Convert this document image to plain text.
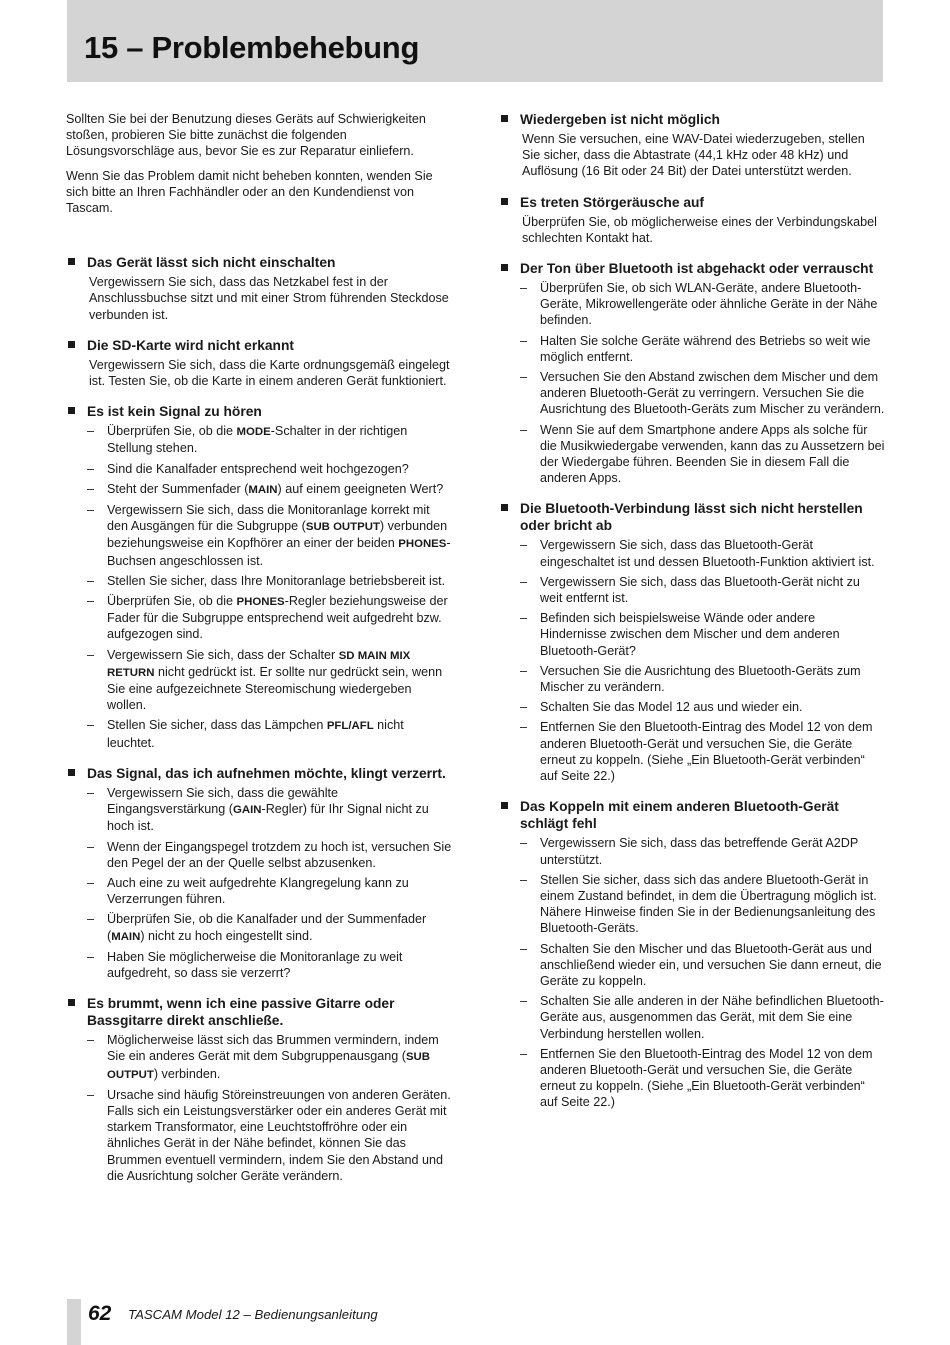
15 – Problembehebung

Sollten Sie bei der Benutzung dieses Geräts auf Schwierigkeiten stoßen, probieren Sie bitte zunächst die folgenden Lösungsvorschläge aus, bevor Sie es zur Reparatur einliefern.

Wenn Sie das Problem damit nicht beheben konnten, wenden Sie sich bitte an Ihren Fachhändler oder an den Kundendienst von Tascam.

Das Gerät lässt sich nicht einschalten

Vergewissern Sie sich, dass das Netzkabel fest in der Anschlussbuchse sitzt und mit einer Strom führenden Steckdose verbunden ist.

Die SD-Karte wird nicht erkannt

Vergewissern Sie sich, dass die Karte ordnungsgemäß eingelegt ist. Testen Sie, ob die Karte in einem anderen Gerät funktioniert.

Es ist kein Signal zu hören
– Überprüfen Sie, ob die MODE-Schalter in der richtigen Stellung stehen.
– Sind die Kanalfader entsprechend weit hochgezogen?
– Steht der Summenfader (MAIN) auf einem geeigneten Wert?
– Vergewissern Sie sich, dass die Monitoranlage korrekt mit den Ausgängen für die Subgruppe (SUB OUTPUT) verbunden beziehungsweise ein Kopfhörer an einer der beiden PHONES-Buchsen angeschlossen ist.
– Stellen Sie sicher, dass Ihre Monitoranlage betriebsbereit ist.
– Überprüfen Sie, ob die PHONES-Regler beziehungsweise der Fader für die Subgruppe entsprechend weit aufgedreht bzw. aufgezogen sind.
– Vergewissern Sie sich, dass der Schalter SD MAIN MIX RETURN nicht gedrückt ist. Er sollte nur gedrückt sein, wenn Sie eine aufgezeichnete Stereomischung wiedergeben wollen.
– Stellen Sie sicher, dass das Lämpchen PFL/AFL nicht leuchtet.
Das Signal, das ich aufnehmen möchte, klingt verzerrt.
– Vergewissern Sie sich, dass die gewählte Eingangsverstärkung (GAIN-Regler) für Ihr Signal nicht zu hoch ist.
– Wenn der Eingangspegel trotzdem zu hoch ist, versuchen Sie den Pegel der an der Quelle selbst abzusenken.
– Auch eine zu weit aufgedrehte Klangregelung kann zu Verzerrungen führen.
– Überprüfen Sie, ob die Kanalfader und der Summenfader (MAIN) nicht zu hoch eingestellt sind.
– Haben Sie möglicherweise die Monitoranlage zu weit aufgedreht, so dass sie verzerrt?
Es brummt, wenn ich eine passive Gitarre oder Bassgitarre direkt anschließe.
– Möglicherweise lässt sich das Brummen vermindern, indem Sie ein anderes Gerät mit dem Subgruppenausgang (SUB OUTPUT) verbinden.
– Ursache sind häufig Störeinstreuungen von anderen Geräten. Falls sich ein Leistungsverstärker oder ein anderes Gerät mit starkem Transformator, eine Leuchtstoffröhre oder ein ähnliches Gerät in der Nähe befindet, können Sie das Brummen eventuell vermindern, indem Sie den Abstand und die Ausrichtung solcher Geräte verändern.
Wiedergeben ist nicht möglich

Wenn Sie versuchen, eine WAV-Datei wiederzugeben, stellen Sie sicher, dass die Abtastrate (44,1 kHz oder 48 kHz) und Auflösung (16 Bit oder 24 Bit) der Datei unterstützt werden.

Es treten Störgeräusche auf

Überprüfen Sie, ob möglicherweise eines der Verbindungskabel schlechten Kontakt hat.

Der Ton über Bluetooth ist abgehackt oder verrauscht
– Überprüfen Sie, ob sich WLAN-Geräte, andere Bluetooth-Geräte, Mikrowellengeräte oder ähnliche Geräte in der Nähe befinden.
– Halten Sie solche Geräte während des Betriebs so weit wie möglich entfernt.
– Versuchen Sie den Abstand zwischen dem Mischer und dem anderen Bluetooth-Gerät zu verringern. Versuchen Sie die Ausrichtung des Bluetooth-Geräts zum Mischer zu verändern.
– Wenn Sie auf dem Smartphone andere Apps als solche für die Musikwiedergabe verwenden, kann das zu Aussetzern bei der Wiedergabe führen. Beenden Sie in diesem Fall die anderen Apps.
Die Bluetooth-Verbindung lässt sich nicht herstellen oder bricht ab
– Vergewissern Sie sich, dass das Bluetooth-Gerät eingeschaltet ist und dessen Bluetooth-Funktion aktiviert ist.
– Vergewissern Sie sich, dass das Bluetooth-Gerät nicht zu weit entfernt ist.
– Befinden sich beispielsweise Wände oder andere Hindernisse zwischen dem Mischer und dem anderen Bluetooth-Gerät?
– Versuchen Sie die Ausrichtung des Bluetooth-Geräts zum Mischer zu verändern.
– Schalten Sie das Model 12 aus und wieder ein.
– Entfernen Sie den Bluetooth-Eintrag des Model 12 von dem anderen Bluetooth-Gerät und versuchen Sie, die Geräte erneut zu koppeln. (Siehe „Ein Bluetooth-Gerät verbinden“ auf Seite 22.)
Das Koppeln mit einem anderen Bluetooth-Gerät schlägt fehl
– Vergewissern Sie sich, dass das betreffende Gerät A2DP unterstützt.
– Stellen Sie sicher, dass sich das andere Bluetooth-Gerät in einem Zustand befindet, in dem die Übertragung möglich ist. Nähere Hinweise finden Sie in der Bedienungsanleitung des Bluetooth-Geräts.
– Schalten Sie den Mischer und das Bluetooth-Gerät aus und anschließend wieder ein, und versuchen Sie dann erneut, die Geräte zu koppeln.
– Schalten Sie alle anderen in der Nähe befindlichen Bluetooth-Geräte aus, ausgenommen das Gerät, mit dem Sie eine Verbindung herstellen wollen.
– Entfernen Sie den Bluetooth-Eintrag des Model 12 von dem anderen Bluetooth-Gerät und versuchen Sie, die Geräte erneut zu koppeln. (Siehe „Ein Bluetooth-Gerät verbinden“ auf Seite 22.)
62 TASCAM Model 12 – Bedienungsanleitung
